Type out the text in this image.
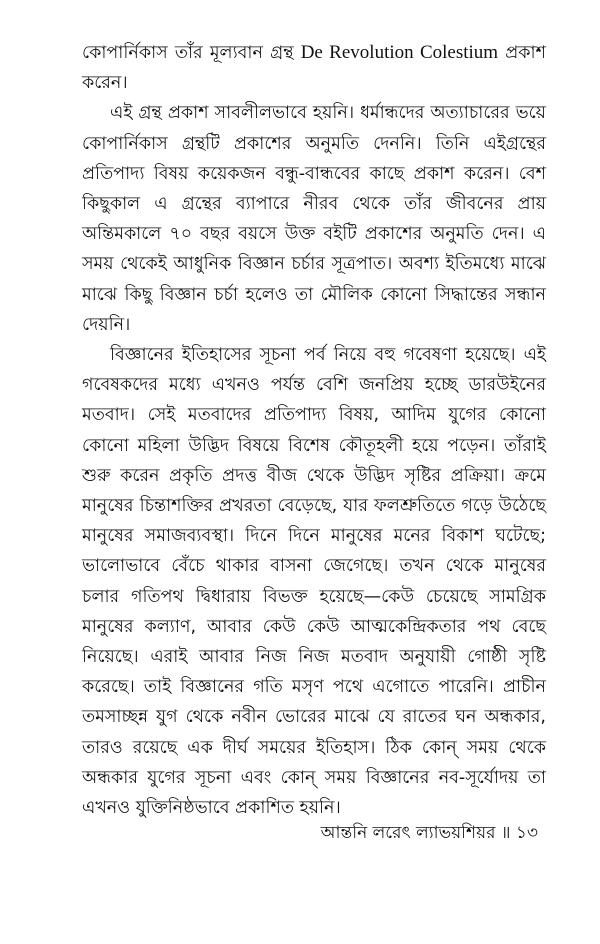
কোপার্নিকাস তাঁর মূল্যবান গ্রন্থ De Revolution Colestium প্রকাশ করেন।

এই গ্রন্থ প্রকাশ সাবলীলভাবে হয়নি। ধর্মান্ধদের অত্যাচারের ভয়ে কোপার্নিকাস গ্রন্থটি প্রকাশের অনুমতি দেননি। তিনি এইগ্রন্থের প্রতিপাদ্য বিষয় কয়েকজন বন্ধু-বান্ধবের কাছে প্রকাশ করেন। বেশ কিছুকাল এ গ্রন্থের ব্যাপারে নীরব থেকে তাঁর জীবনের প্রায় অন্তিমকালে ৭০ বছর বয়সে উক্ত বইটি প্রকাশের অনুমতি দেন। এ সময় থেকেই আধুনিক বিজ্ঞান চর্চার সূত্রপাত। অবশ্য ইতিমধ্যে মাঝে মাঝে কিছু বিজ্ঞান চর্চা হলেও তা মৌলিক কোনো সিদ্ধান্তের সন্ধান দেয়নি।

বিজ্ঞানের ইতিহাসের সূচনা পর্ব নিয়ে বহু গবেষণা হয়েছে। এই গবেষকদের মধ্যে এখনও পর্যন্ত বেশি জনপ্রিয় হচ্ছে ডারউইনের মতবাদ। সেই মতবাদের প্রতিপাদ্য বিষয়, আদিম যুগের কোনো কোনো মহিলা উদ্ভিদ বিষয়ে বিশেষ কৌতূহলী হয়ে পড়েন। তাঁরাই শুরু করেন প্রকৃতি প্রদত্ত বীজ থেকে উদ্ভিদ সৃষ্টির প্রক্রিয়া। ক্রমে মানুষের চিন্তাশক্তির প্রখরতা বেড়েছে, যার ফলশ্রুতিতে গড়ে উঠেছে মানুষের সমাজব্যবস্থা। দিনে দিনে মানুষের মনের বিকাশ ঘটেছে; ভালোভাবে বেঁচে থাকার বাসনা জেগেছে। তখন থেকে মানুষের চলার গতিপথ দ্বিধারায় বিভক্ত হয়েছে—কেউ চেয়েছে সামগ্রিক মানুষের কল্যাণ, আবার কেউ কেউ আত্মকেন্দ্রিকতার পথ বেছে নিয়েছে। এরাই আবার নিজ নিজ মতবাদ অনুযায়ী গোষ্ঠী সৃষ্টি করেছে। তাই বিজ্ঞানের গতি মসৃণ পথে এগোতে পারেনি। প্রাচীন তমসাচ্ছন্ন যুগ থেকে নবীন ভোরের মাঝে যে রাতের ঘন অন্ধকার, তারও রয়েছে এক দীর্ঘ সময়ের ইতিহাস। ঠিক কোন্ সময় থেকে অন্ধকার যুগের সূচনা এবং কোন্ সময় বিজ্ঞানের নব-সূর্যোদয় তা এখনও যুক্তিনিষ্ঠভাবে প্রকাশিত হয়নি।

আন্তনি লরেৎ ল্যাভয়শিয়র ॥ ১৩
